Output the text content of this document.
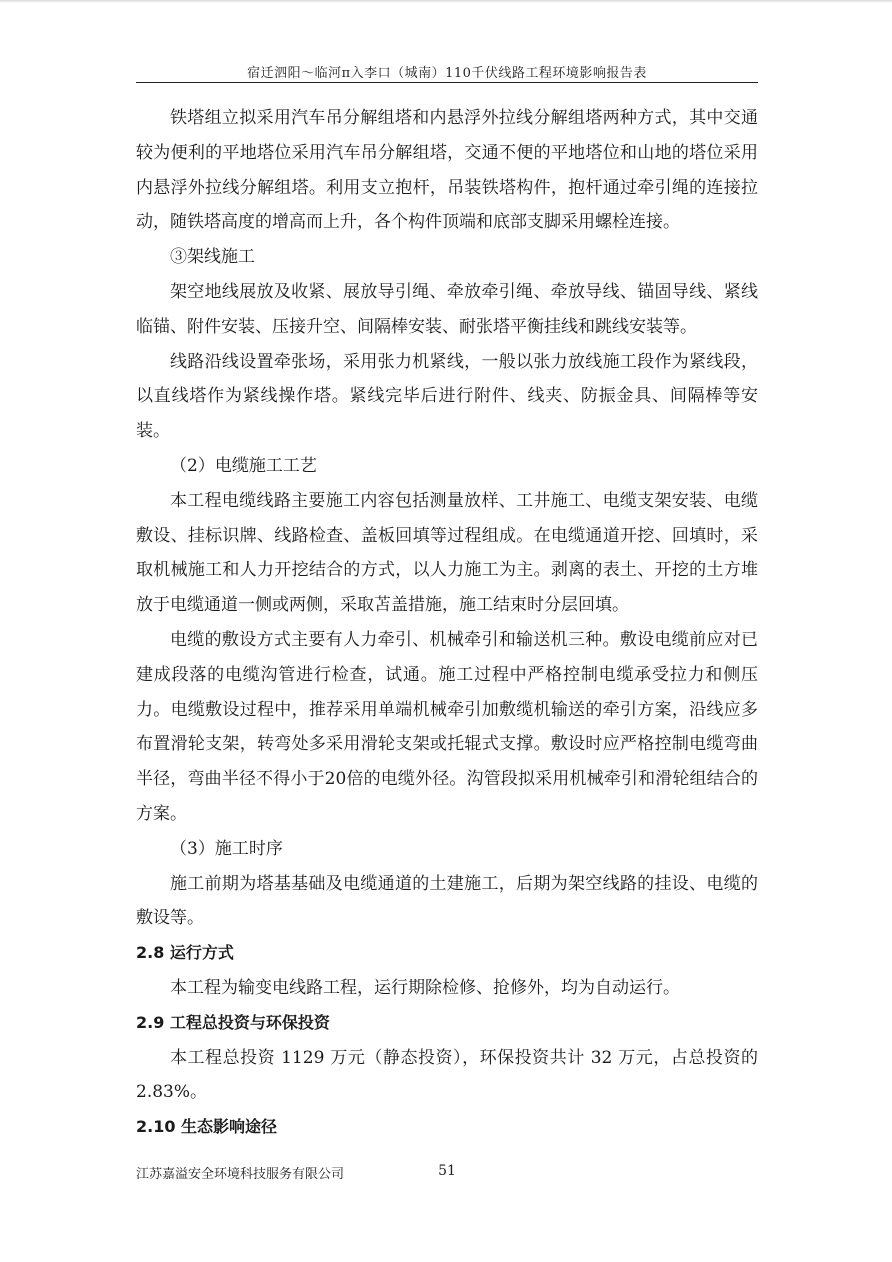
宿迁泗阳～临河π入李口（城南）110千伏线路工程环境影响报告表

铁塔组立拟采用汽车吊分解组塔和内悬浮外拉线分解组塔两种方式，其中交通较为便利的平地塔位采用汽车吊分解组塔，交通不便的平地塔位和山地的塔位采用内悬浮外拉线分解组塔。利用支立抱杆，吊装铁塔构件，抱杆通过牵引绳的连接拉动，随铁塔高度的增高而上升，各个构件顶端和底部支脚采用螺栓连接。

③架线施工

架空地线展放及收紧、展放导引绳、牵放牵引绳、牵放导线、锚固导线、紧线临锚、附件安装、压接升空、间隔棒安装、耐张塔平衡挂线和跳线安装等。

线路沿线设置牵张场，采用张力机紧线，一般以张力放线施工段作为紧线段，以直线塔作为紧线操作塔。紧线完毕后进行附件、线夹、防振金具、间隔棒等安装。

（2）电缆施工工艺

本工程电缆线路主要施工内容包括测量放样、工井施工、电缆支架安装、电缆敷设、挂标识牌、线路检查、盖板回填等过程组成。在电缆通道开挖、回填时，采取机械施工和人力开挖结合的方式，以人力施工为主。剥离的表土、开挖的土方堆放于电缆通道一侧或两侧，采取苫盖措施，施工结束时分层回填。

电缆的敷设方式主要有人力牵引、机械牵引和输送机三种。敷设电缆前应对已建成段落的电缆沟管进行检查，试通。施工过程中严格控制电缆承受拉力和侧压力。电缆敷设过程中，推荐采用单端机械牵引加敷缆机输送的牵引方案，沿线应多布置滑轮支架，转弯处多采用滑轮支架或托辊式支撑。敷设时应严格控制电缆弯曲半径，弯曲半径不得小于20倍的电缆外径。沟管段拟采用机械牵引和滑轮组结合的方案。

（3）施工时序

施工前期为塔基基础及电缆通道的土建施工，后期为架空线路的挂设、电缆的敷设等。

2.8 运行方式

本工程为输变电线路工程，运行期除检修、抢修外，均为自动运行。

2.9 工程总投资与环保投资

本工程总投资 1129 万元（静态投资），环保投资共计 32 万元，占总投资的2.83%。

2.10 生态影响途径

江苏嘉溢安全环境科技服务有限公司	51
